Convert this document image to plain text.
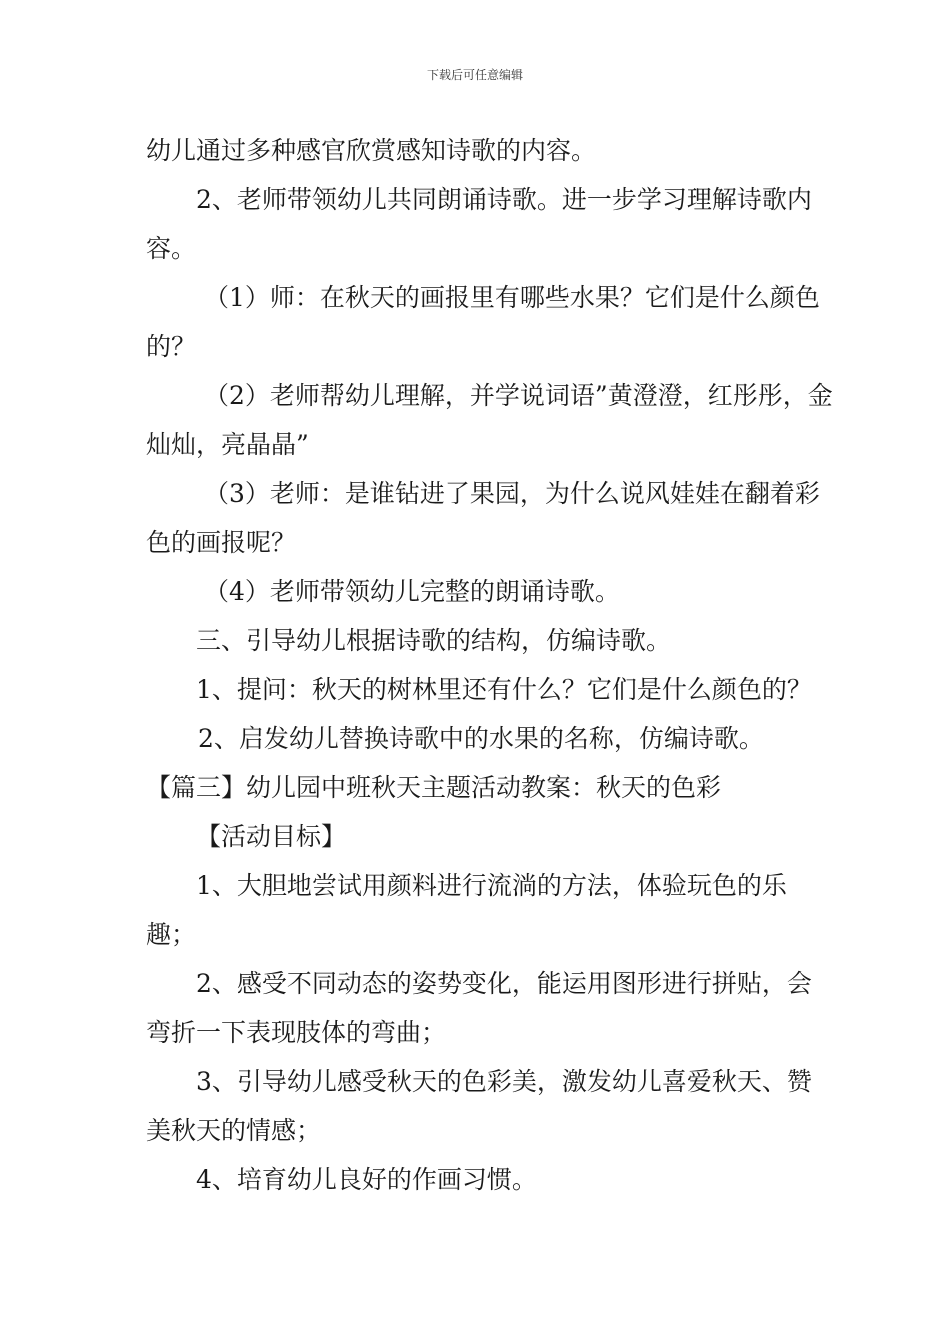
下载后可任意编辑

幼儿通过多种感官欣赏感知诗歌的内容。

2、老师带领幼儿共同朗诵诗歌。进一步学习理解诗歌内容。

（1）师：在秋天的画报里有哪些水果？它们是什么颜色的？

（2）老师帮幼儿理解，并学说词语”黄澄澄，红彤彤，金灿灿，亮晶晶”

（3）老师：是谁钻进了果园，为什么说风娃娃在翻着彩色的画报呢？

（4）老师带领幼儿完整的朗诵诗歌。

三、引导幼儿根据诗歌的结构，仿编诗歌。

1、提问：秋天的树林里还有什么？它们是什么颜色的？

2、启发幼儿替换诗歌中的水果的名称，仿编诗歌。

【篇三】幼儿园中班秋天主题活动教案：秋天的色彩

【活动目标】

1、大胆地尝试用颜料进行流淌的方法，体验玩色的乐趣；

2、感受不同动态的姿势变化，能运用图形进行拼贴，会弯折一下表现肢体的弯曲；

3、引导幼儿感受秋天的色彩美，激发幼儿喜爱秋天、赞美秋天的情感；

4、培育幼儿良好的作画习惯。
